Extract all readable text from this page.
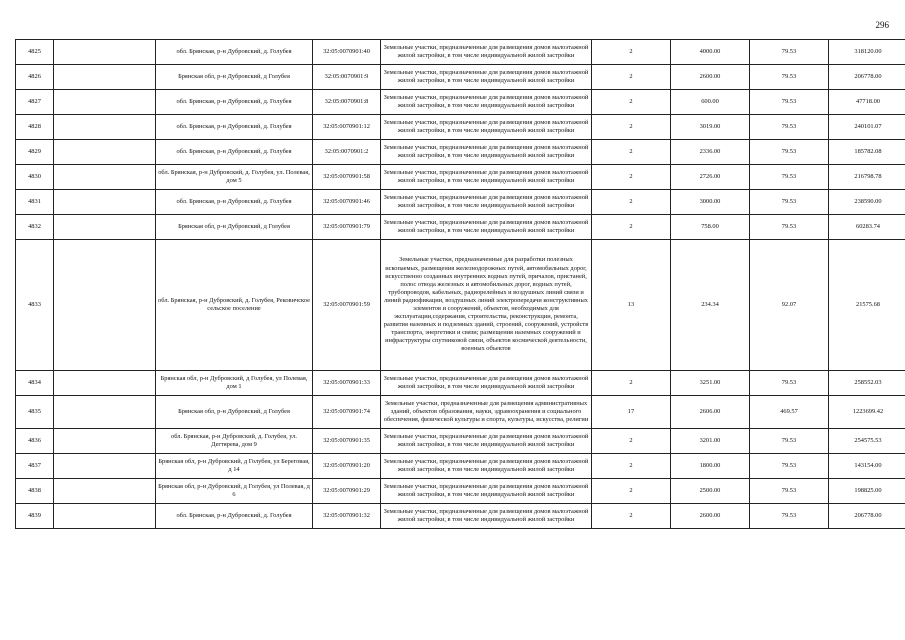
296
4825		обл. Брянская, р-н Дубровский, д. Голубея	32:05:0070901:40	Земельные участки, предназначенные для размещения домов малоэтажной жилой застройки, в том числе индивидуальной жилой застройки	2	4000.00	79.53	318120.00
4826		Брянская обл, р-н Дубровский, д Голубея	32:05:0070901:9	Земельные участки, предназначенные для размещения домов малоэтажной жилой застройки, в том числе индивидуальной жилой застройки	2	2600.00	79.53	206778.00
4827		обл. Брянская, р-н Дубровский, д. Голубея	32:05:0070901:8	Земельные участки, предназначенные для размещения домов малоэтажной жилой застройки, в том числе индивидуальной жилой застройки	2	600.00	79.53	47718.00
4828		обл. Брянская, р-н Дубровский, д. Голубея	32:05:0070901:12	Земельные участки, предназначенные для размещения домов малоэтажной жилой застройки, в том числе индивидуальной жилой застройки	2	3019.00	79.53	240101.07
4829		обл. Брянская, р-н Дубровский, д. Голубея	32:05:0070901:2	Земельные участки, предназначенные для размещения домов малоэтажной жилой застройки, в том числе индивидуальной жилой застройки	2	2336.00	79.53	185782.08
4830		обл. Брянская, р-н Дубровский, д. Голубея, ул. Полевая, дом 5	32:05:0070901:58	Земельные участки, предназначенные для размещения домов малоэтажной жилой застройки, в том числе индивидуальной жилой застройки	2	2726.00	79.53	216798.78
4831		обл. Брянская, р-н Дубровский, д. Голубея	32:05:0070901:46	Земельные участки, предназначенные для размещения домов малоэтажной жилой застройки, в том числе индивидуальной жилой застройки	2	3000.00	79.53	238590.00
4832		Брянская обл, р-н Дубровский, д Голубея	32:05:0070901:79	Земельные участки, предназначенные для размещения домов малоэтажной жилой застройки, в том числе индивидуальной жилой застройки	2	758.00	79.53	60283.74
4833		обл. Брянская, р-н Дубровский, д. Голубея, Рековичское сельское поселение	32:05:0070901:59	Земельные участки, предназначенные для разработки полезных ископаемых, размещения железнодорожных путей, автомобильных дорог, искусственно созданных внутренних водных путей, причалов, пристаней, полос отвода железных и автомобильных дорог, водных путей, трубопроводов, кабельных, радиорелейных и воздушных линий связи и линий радиофикации, воздушных линий электропередачи конструктивных элементов и сооружений, объектов, необходимых для эксплуатации,содержания, строительства, реконструкции, ремонта, развития наземных и подземных зданий, строений, сооружений, устройств транспорта, энергетики и связи; размещения наземных сооружений и инфраструктуры спутниковой связи, объектов космической деятельности, военных объектов	13	234.34	92.07	21575.68
4834		Брянская обл, р-н Дубровский, д Голубея, ул Полевая, дом 1	32:05:0070901:33	Земельные участки, предназначенные для размещения домов малоэтажной жилой застройки, в том числе индивидуальной жилой застройки	2	3251.00	79.53	258552.03
4835		Брянская обл, р-н Дубровский, д Голубея	32:05:0070901:74	Земельные участки, предназначенные для размещения административных зданий, объектов образования, науки, здравоохранения и социального обеспечения, физической культуры и спорта, культуры, искусства, религии	17	2606.00	469.57	1223699.42
4836		обл. Брянская, р-н Дубровский, д. Голубея, ул. Дегтярева, дом 9	32:05:0070901:35	Земельные участки, предназначенные для размещения домов малоэтажной жилой застройки, в том числе индивидуальной жилой застройки	2	3201.00	79.53	254575.53
4837		Брянская обл, р-н Дубровский, д Голубея, ул Береговая, д 14	32:05:0070901:20	Земельные участки, предназначенные для размещения домов малоэтажной жилой застройки, в том числе индивидуальной жилой застройки	2	1800.00	79.53	143154.00
4838		Брянская обл, р-н Дубровский, д Голубея, ул Полевая, д 6	32:05:0070901:29	Земельные участки, предназначенные для размещения домов малоэтажной жилой застройки, в том числе индивидуальной жилой застройки	2	2500.00	79.53	198825.00
4839		обл. Брянская, р-н Дубровский, д. Голубея	32:05:0070901:32	Земельные участки, предназначенные для размещения домов малоэтажной жилой застройки, в том числе индивидуальной жилой застройки	2	2600.00	79.53	206778.00
